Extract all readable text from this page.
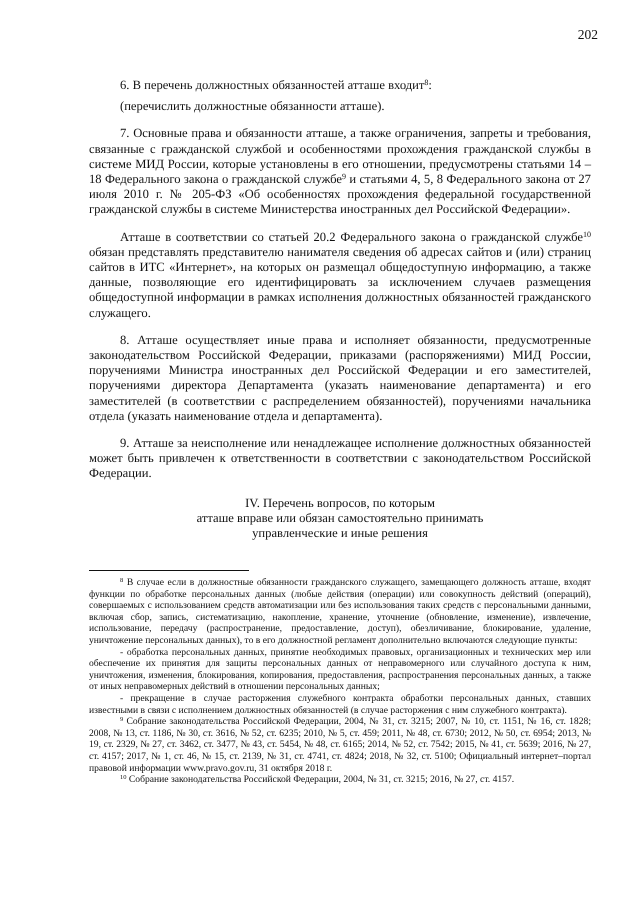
202

6. В перечень должностных обязанностей атташе входит$^8$:

(перечислить должностные обязанности атташе).

7. Основные права и обязанности атташе, а также ограничения, запреты и требования, связанные с гражданской службой и особенностями прохождения гражданской службы в системе МИД России, которые установлены в его отношении, предусмотрены статьями 14 – 18 Федерального закона о гражданской службе$^9$ и статьями 4, 5, 8 Федерального закона от 27 июля 2010 г. № 205-ФЗ «Об особенностях прохождения федеральной государственной гражданской службы в системе Министерства иностранных дел Российской Федерации».

Атташе в соответствии со статьей 20.2 Федерального закона о гражданской службе$^{10}$ обязан представлять представителю нанимателя сведения об адресах сайтов и (или) страниц сайтов в ИТС «Интернет», на которых он размещал общедоступную информацию, а также данные, позволяющие его идентифицировать за исключением случаев размещения общедоступной информации в рамках исполнения должностных обязанностей гражданского служащего.

8. Атташе осуществляет иные права и исполняет обязанности, предусмотренные законодательством Российской Федерации, приказами (распоряжениями) МИД России, поручениями Министра иностранных дел Российской Федерации и его заместителей, поручениями директора Департамента (указать наименование департамента) и его заместителей (в соответствии с распределением обязанностей), поручениями начальника отдела (указать наименование отдела и департамента).

9. Атташе за неисполнение или ненадлежащее исполнение должностных обязанностей может быть привлечен к ответственности в соответствии с законодательством Российской Федерации.

IV. Перечень вопросов, по которым
атташе вправе или обязан самостоятельно принимать
управленческие и иные решения

$^8$ В случае если в должностные обязанности гражданского служащего, замещающего должность атташе, входят функции по обработке персональных данных (любые действия (операции) или совокупность действий (операций), совершаемых с использованием средств автоматизации или без использования таких средств с персональными данными, включая сбор, запись, систематизацию, накопление, хранение, уточнение (обновление, изменение), извлечение, использование, передачу (распространение, предоставление, доступ), обезличивание, блокирование, удаление, уничтожение персональных данных), то в его должностной регламент дополнительно включаются следующие пункты:

- обработка персональных данных, принятие необходимых правовых, организационных и технических мер или обеспечение их принятия для защиты персональных данных от неправомерного или случайного доступа к ним, уничтожения, изменения, блокирования, копирования, предоставления, распространения персональных данных, а также от иных неправомерных действий в отношении персональных данных;

- прекращение в случае расторжения служебного контракта обработки персональных данных, ставших известными в связи с исполнением должностных обязанностей (в случае расторжения с ним служебного контракта).

$^9$ Собрание законодательства Российской Федерации, 2004, № 31, ст. 3215; 2007, № 10, ст. 1151, № 16, ст. 1828; 2008, № 13, ст. 1186, № 30, ст. 3616, № 52, ст. 6235; 2010, № 5, ст. 459; 2011, № 48, ст. 6730; 2012, № 50, ст. 6954; 2013, № 19, ст. 2329, № 27, ст. 3462, ст. 3477, № 43, ст. 5454, № 48, ст. 6165; 2014, № 52, ст. 7542; 2015, № 41, ст. 5639; 2016, № 27, ст. 4157; 2017, № 1, ст. 46, № 15, ст. 2139, № 31, ст. 4741, ст. 4824; 2018, № 32, ст. 5100; Официальный интернет–портал правовой информации www.pravo.gov.ru, 31 октября 2018 г.

$^{10}$ Собрание законодательства Российской Федерации, 2004, № 31, ст. 3215; 2016, № 27, ст. 4157.
